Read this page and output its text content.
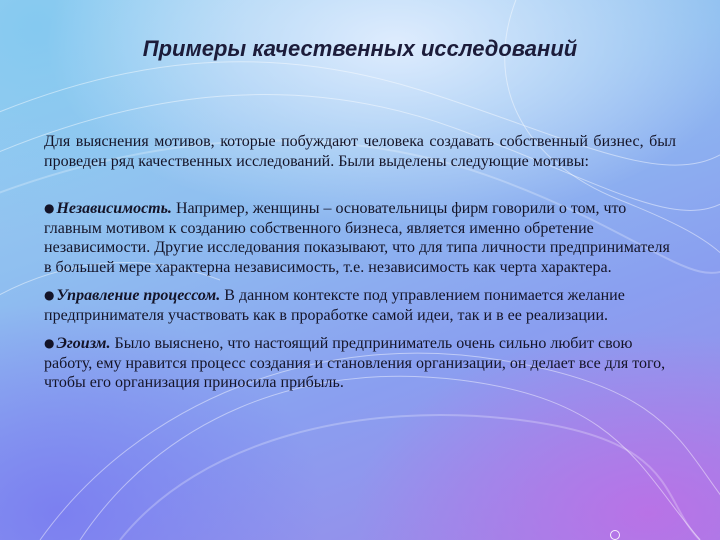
Примеры качественных исследований

Для выяснения мотивов, которые побуждают человека создавать собственный бизнес, был проведен ряд качественных исследований. Были выделены следующие мотивы:

● Независимость. Например, женщины – основательницы фирм говорили о том, что главным мотивом к созданию собственного бизнеса, является именно обретение независимости. Другие исследования показывают, что для типа личности предпринимателя в большей мере характерна независимость, т.е. независимость как черта характера.

● Управление процессом. В данном контексте под управлением понимается желание предпринимателя участвовать как в проработке самой идеи, так и в ее реализации.

● Эгоизм. Было выяснено, что настоящий предприниматель очень сильно любит свою работу, ему нравится процесс создания и становления организации, он делает все для того, чтобы его организация приносила прибыль.
